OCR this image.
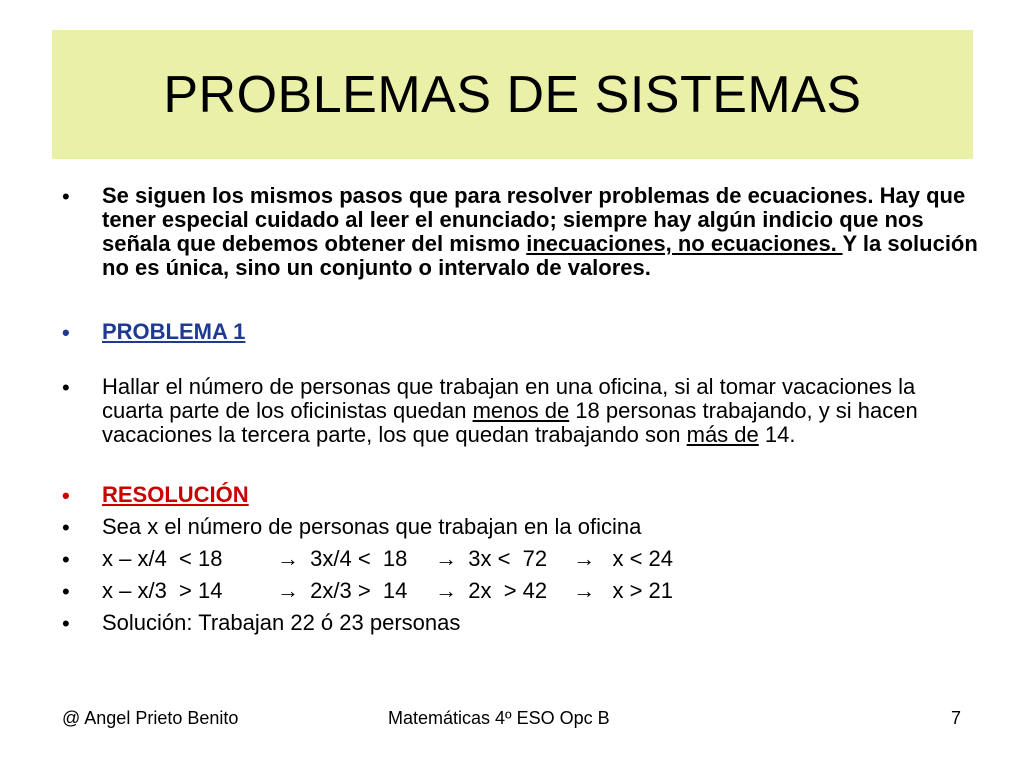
PROBLEMAS DE SISTEMAS
• Se siguen los mismos pasos que para resolver problemas de ecuaciones. Hay que tener especial cuidado al leer el enunciado; siempre hay algún indicio que nos señala que debemos obtener del mismo inecuaciones, no ecuaciones. Y la solución no es única, sino un conjunto o intervalo de valores.
• PROBLEMA 1
• Hallar el número de personas que trabajan en una oficina, si al tomar vacaciones la cuarta parte de los oficinistas quedan menos de 18 personas trabajando, y si hacen vacaciones la tercera parte, los que quedan trabajando son más de 14.
• RESOLUCIÓN
• Sea x el número de personas que trabajan en la oficina
• x – x/4  < 18 → 3x/4 <  18 → 3x <  72 → x < 24
• x – x/3  > 14 → 2x/3 >  14 → 2x  > 42 → x > 21
• Solución: Trabajan 22 ó 23 personas
@ Angel Prieto Benito	Matemáticas 4º ESO Opc B	7
